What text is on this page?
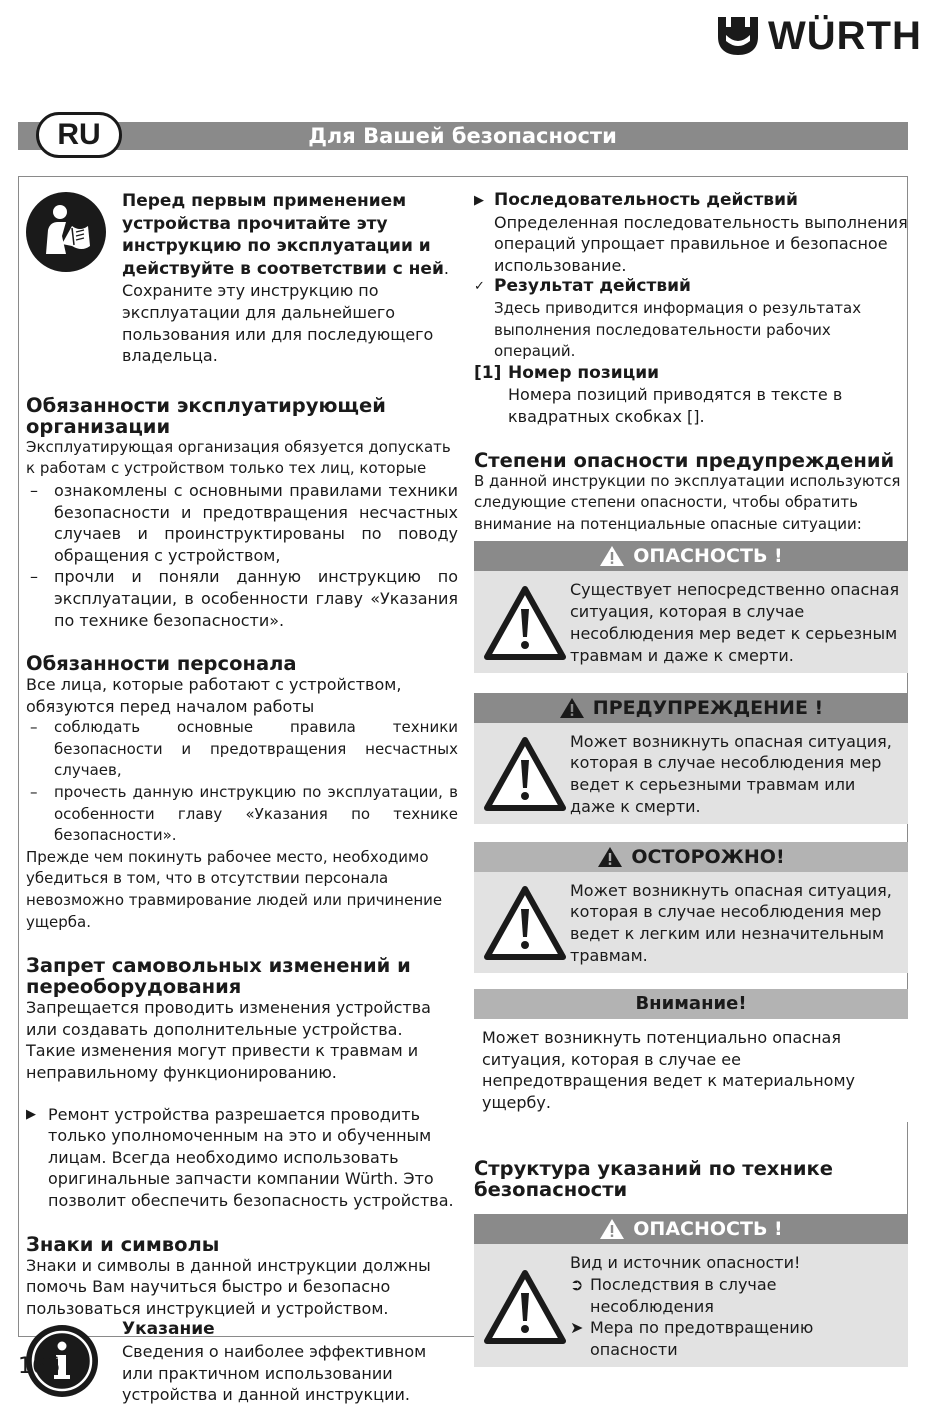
WÜRTH
Для Вашей безопасности
RU
Перед первым применением устройства прочитайте эту инструкцию по эксплуатации и действуйте в соответствии с ней.

Сохраните эту инструкцию по эксплуатации для дальнейшего пользования или для последующего владельца.

Обязанности эксплуатирующей организации

Эксплуатирующая организация обязуется допускать к работам с устройством только тех лиц, которые

– ознакомлены с основными правилами техники безопасности и предотвращения несчастных случаев и проинструктированы по поводу обращения с устройством,
– прочли и поняли данную инструкцию по эксплуатации, в особенности главу «Указания по технике безопасности».
Обязанности персонала

Все лица, которые работают с устройством, обязуются перед началом работы

– соблюдать основные правила техники безопасности и предотвращения несчастных случаев,
– прочесть данную инструкцию по эксплуатации, в особенности главу «Указания по технике безопасности».

Прежде чем покинуть рабочее место, необходимо убедиться в том, что в отсутствии персонала невозможно травмирование людей или причинение ущерба.

Запрет самовольных изменений и переоборудования

Запрещается проводить изменения устройства или создавать дополнительные устройства.

Такие изменения могут привести к травмам и неправильному функционированию.

▶ Ремонт устройства разрешается проводить только уполномоченным на это и обученным лицам. Всегда необходимо использовать оригинальные запчасти компании Würth. Это позволит обеспечить безопасность устройства.
Знаки и символы

Знаки и символы в данной инструкции должны помочь Вам научиться быстро и безопасно пользоваться инструкцией и устройством.

Указание

Сведения о наиболее эффективном или практичном использовании устройства и данной инструкции.

▶ Последовательность действий
Определенная последовательность выполнения операций упрощает правильное и безопасное использование.
✓ Результат действий
Здесь приводится информация о результатах выполнения последовательности рабочих операций.
[1] Номер позиции
Номера позиций приводятся в тексте в квадратных скобках [].
Степени опасности предупреждений

В данной инструкции по эксплуатации используются следующие степени опасности, чтобы обратить внимание на потенциальные опасные ситуации:

ОПАСНОСТЬ !
Существует непосредственно опасная ситуация, которая в случае несоблюдения мер ведет к серьезным травмам и даже к смерти.
ПРЕДУПРЕЖДЕНИЕ !
Может возникнуть опасная ситуация, которая в случае несоблюдения мер ведет к серьезными травмам или даже к смерти.
ОСТОРОЖНО!
Может возникнуть опасная ситуация, которая в случае несоблюдения мер ведет к легким или незначительным травмам.
Внимание!
Может возникнуть потенциально опасная ситуация, которая в случае ее непредотвращения ведет к материальному ущербу.
Структура указаний по технике безопасности
ОПАСНОСТЬ !
Вид и источник опасности!
➲ Последствия в случае несоблюдения
➤ Мера по предотвращению опасности
166
